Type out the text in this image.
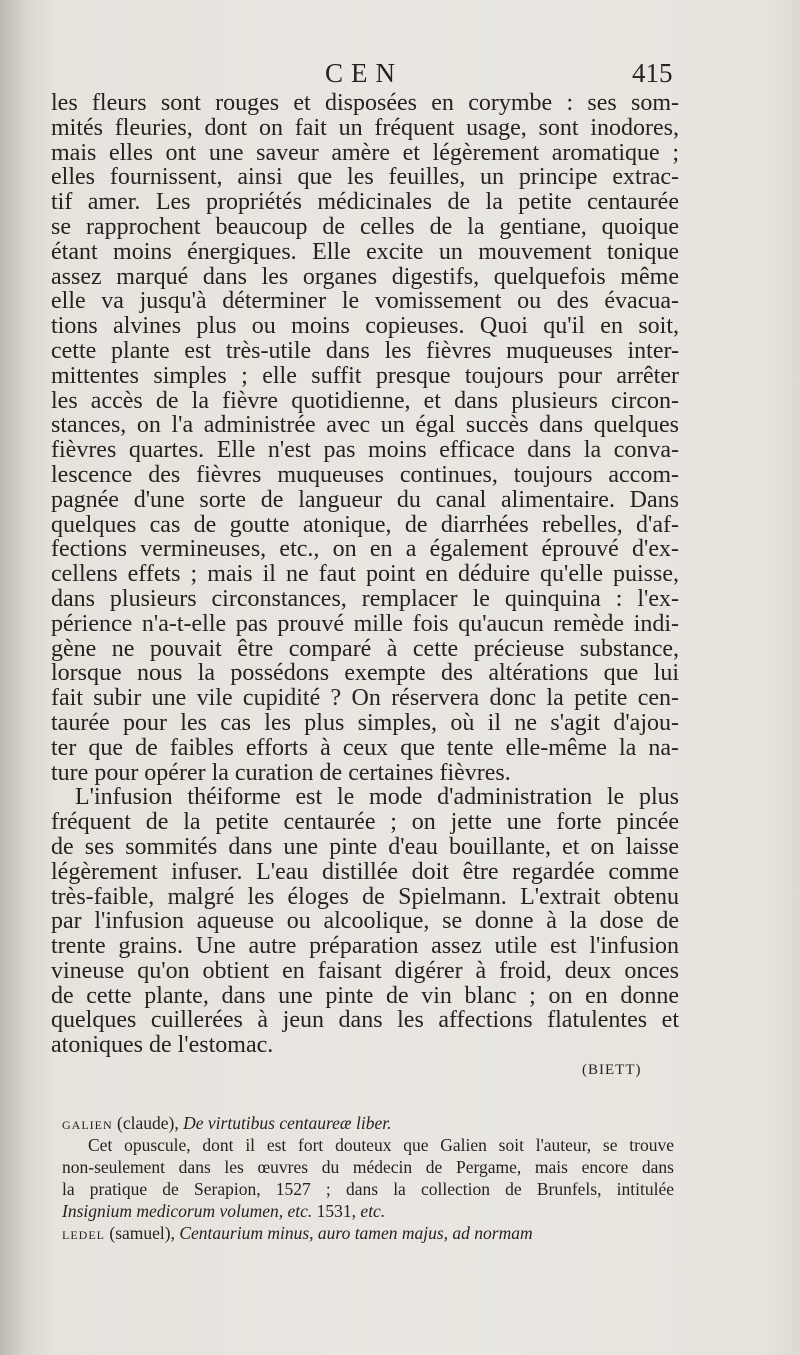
CEN	415
les fleurs sont rouges et disposées en corymbe : ses som-
mités fleuries, dont on fait un fréquent usage, sont inodores,
mais elles ont une saveur amère et légèrement aromatique ;
elles fournissent, ainsi que les feuilles, un principe extrac-
tif amer. Les propriétés médicinales de la petite centaurée
se rapprochent beaucoup de celles de la gentiane, quoique
étant moins énergiques. Elle excite un mouvement tonique
assez marqué dans les organes digestifs, quelquefois même
elle va jusqu'à déterminer le vomissement ou des évacua-
tions alvines plus ou moins copieuses. Quoi qu'il en soit,
cette plante est très-utile dans les fièvres muqueuses inter-
mittentes simples ; elle suffit presque toujours pour arrêter
les accès de la fièvre quotidienne, et dans plusieurs circon-
stances, on l'a administrée avec un égal succès dans quelques
fièvres quartes. Elle n'est pas moins efficace dans la conva-
lescence des fièvres muqueuses continues, toujours accom-
pagnée d'une sorte de langueur du canal alimentaire. Dans
quelques cas de goutte atonique, de diarrhées rebelles, d'af-
fections vermineuses, etc., on en a également éprouvé d'ex-
cellens effets ; mais il ne faut point en déduire qu'elle puisse,
dans plusieurs circonstances, remplacer le quinquina : l'ex-
périence n'a-t-elle pas prouvé mille fois qu'aucun remède indi-
gène ne pouvait être comparé à cette précieuse substance,
lorsque nous la possédons exempte des altérations que lui
fait subir une vile cupidité ? On réservera donc la petite cen-
taurée pour les cas les plus simples, où il ne s'agit d'ajou-
ter que de faibles efforts à ceux que tente elle-même la na-
ture pour opérer la curation de certaines fièvres.
L'infusion théiforme est le mode d'administration le plus
fréquent de la petite centaurée ; on jette une forte pincée
de ses sommités dans une pinte d'eau bouillante, et on laisse
légèrement infuser. L'eau distillée doit être regardée comme
très-faible, malgré les éloges de Spielmann. L'extrait obtenu
par l'infusion aqueuse ou alcoolique, se donne à la dose de
trente grains. Une autre préparation assez utile est l'infusion
vineuse qu'on obtient en faisant digérer à froid, deux onces
de cette plante, dans une pinte de vin blanc ; on en donne
quelques cuillerées à jeun dans les affections flatulentes et
atoniques de l'estomac.
(BIETT)
GALIEN (claude), De virtutibus centaureæ liber.
Cet opuscule, dont il est fort douteux que Galien soit l'auteur, se trouve
non-seulement dans les œuvres du médecin de Pergame, mais encore dans
la pratique de Serapion, 1527 ; dans la collection de Brunfels, intitulée
Insignium medicorum volumen, etc. 1531, etc.
LEDEL (samuel), Centaurium minus, auro tamen majus, ad normam
